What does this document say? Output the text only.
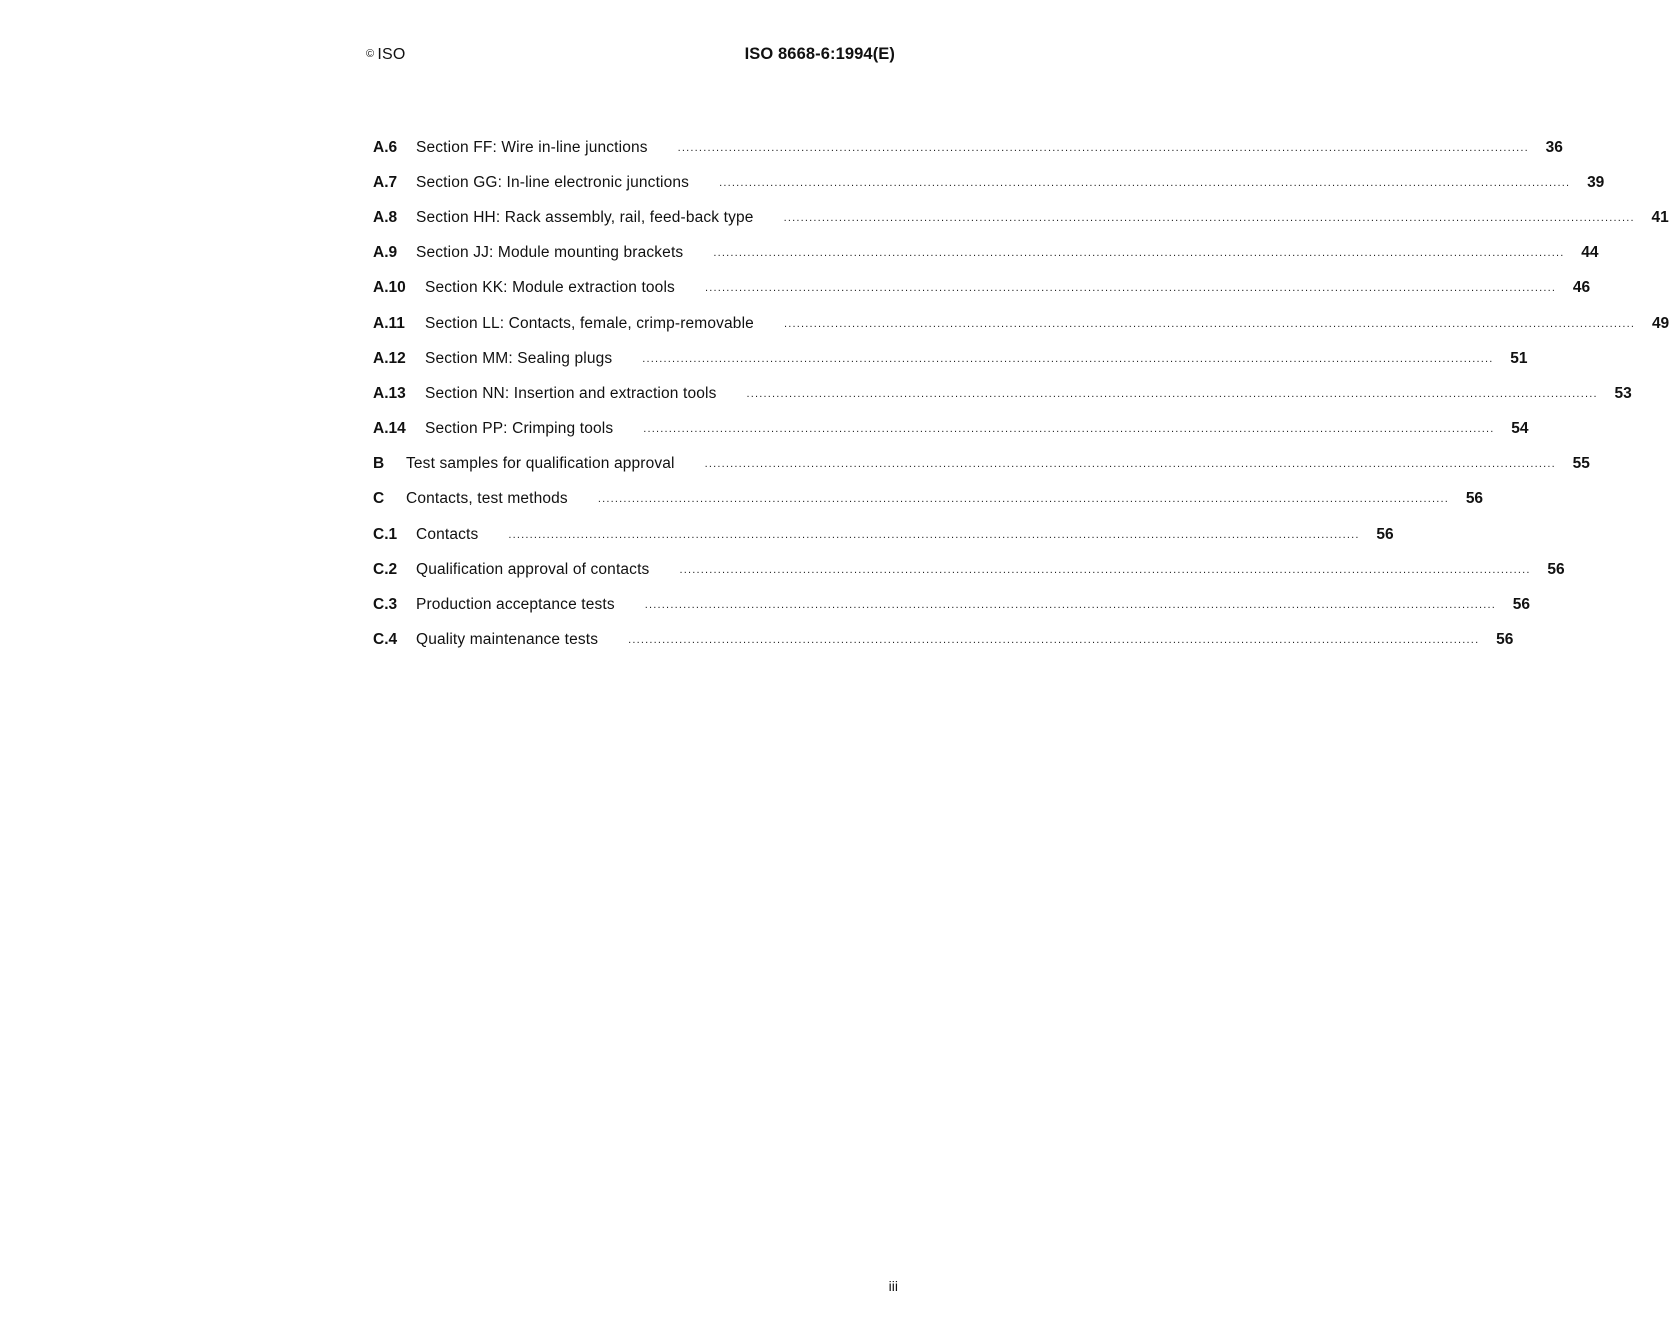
© ISO	ISO 8668-6:1994(E)
A.6	Section FF: Wire in-line junctions	........................................................................................................................................................................................................	36
A.7	Section GG: In-line electronic junctions	........................................................................................................................................................................................................	39
A.8	Section HH: Rack assembly, rail, feed-back type	........................................................................................................................................................................................................	41
A.9	Section JJ: Module mounting brackets	........................................................................................................................................................................................................	44
A.10	Section KK: Module extraction tools	........................................................................................................................................................................................................	46
A.11	Section LL: Contacts, female, crimp-removable	........................................................................................................................................................................................................	49
A.12	Section MM: Sealing plugs	........................................................................................................................................................................................................	51
A.13	Section NN: Insertion and extraction tools	........................................................................................................................................................................................................	53
A.14	Section PP: Crimping tools	........................................................................................................................................................................................................	54
B	Test samples for qualification approval	........................................................................................................................................................................................................	55
C	Contacts, test methods	........................................................................................................................................................................................................	56
C.1	Contacts	........................................................................................................................................................................................................	56
C.2	Qualification approval of contacts	........................................................................................................................................................................................................	56
C.3	Production acceptance tests	........................................................................................................................................................................................................	56
C.4	Quality maintenance tests	........................................................................................................................................................................................................	56
iii
